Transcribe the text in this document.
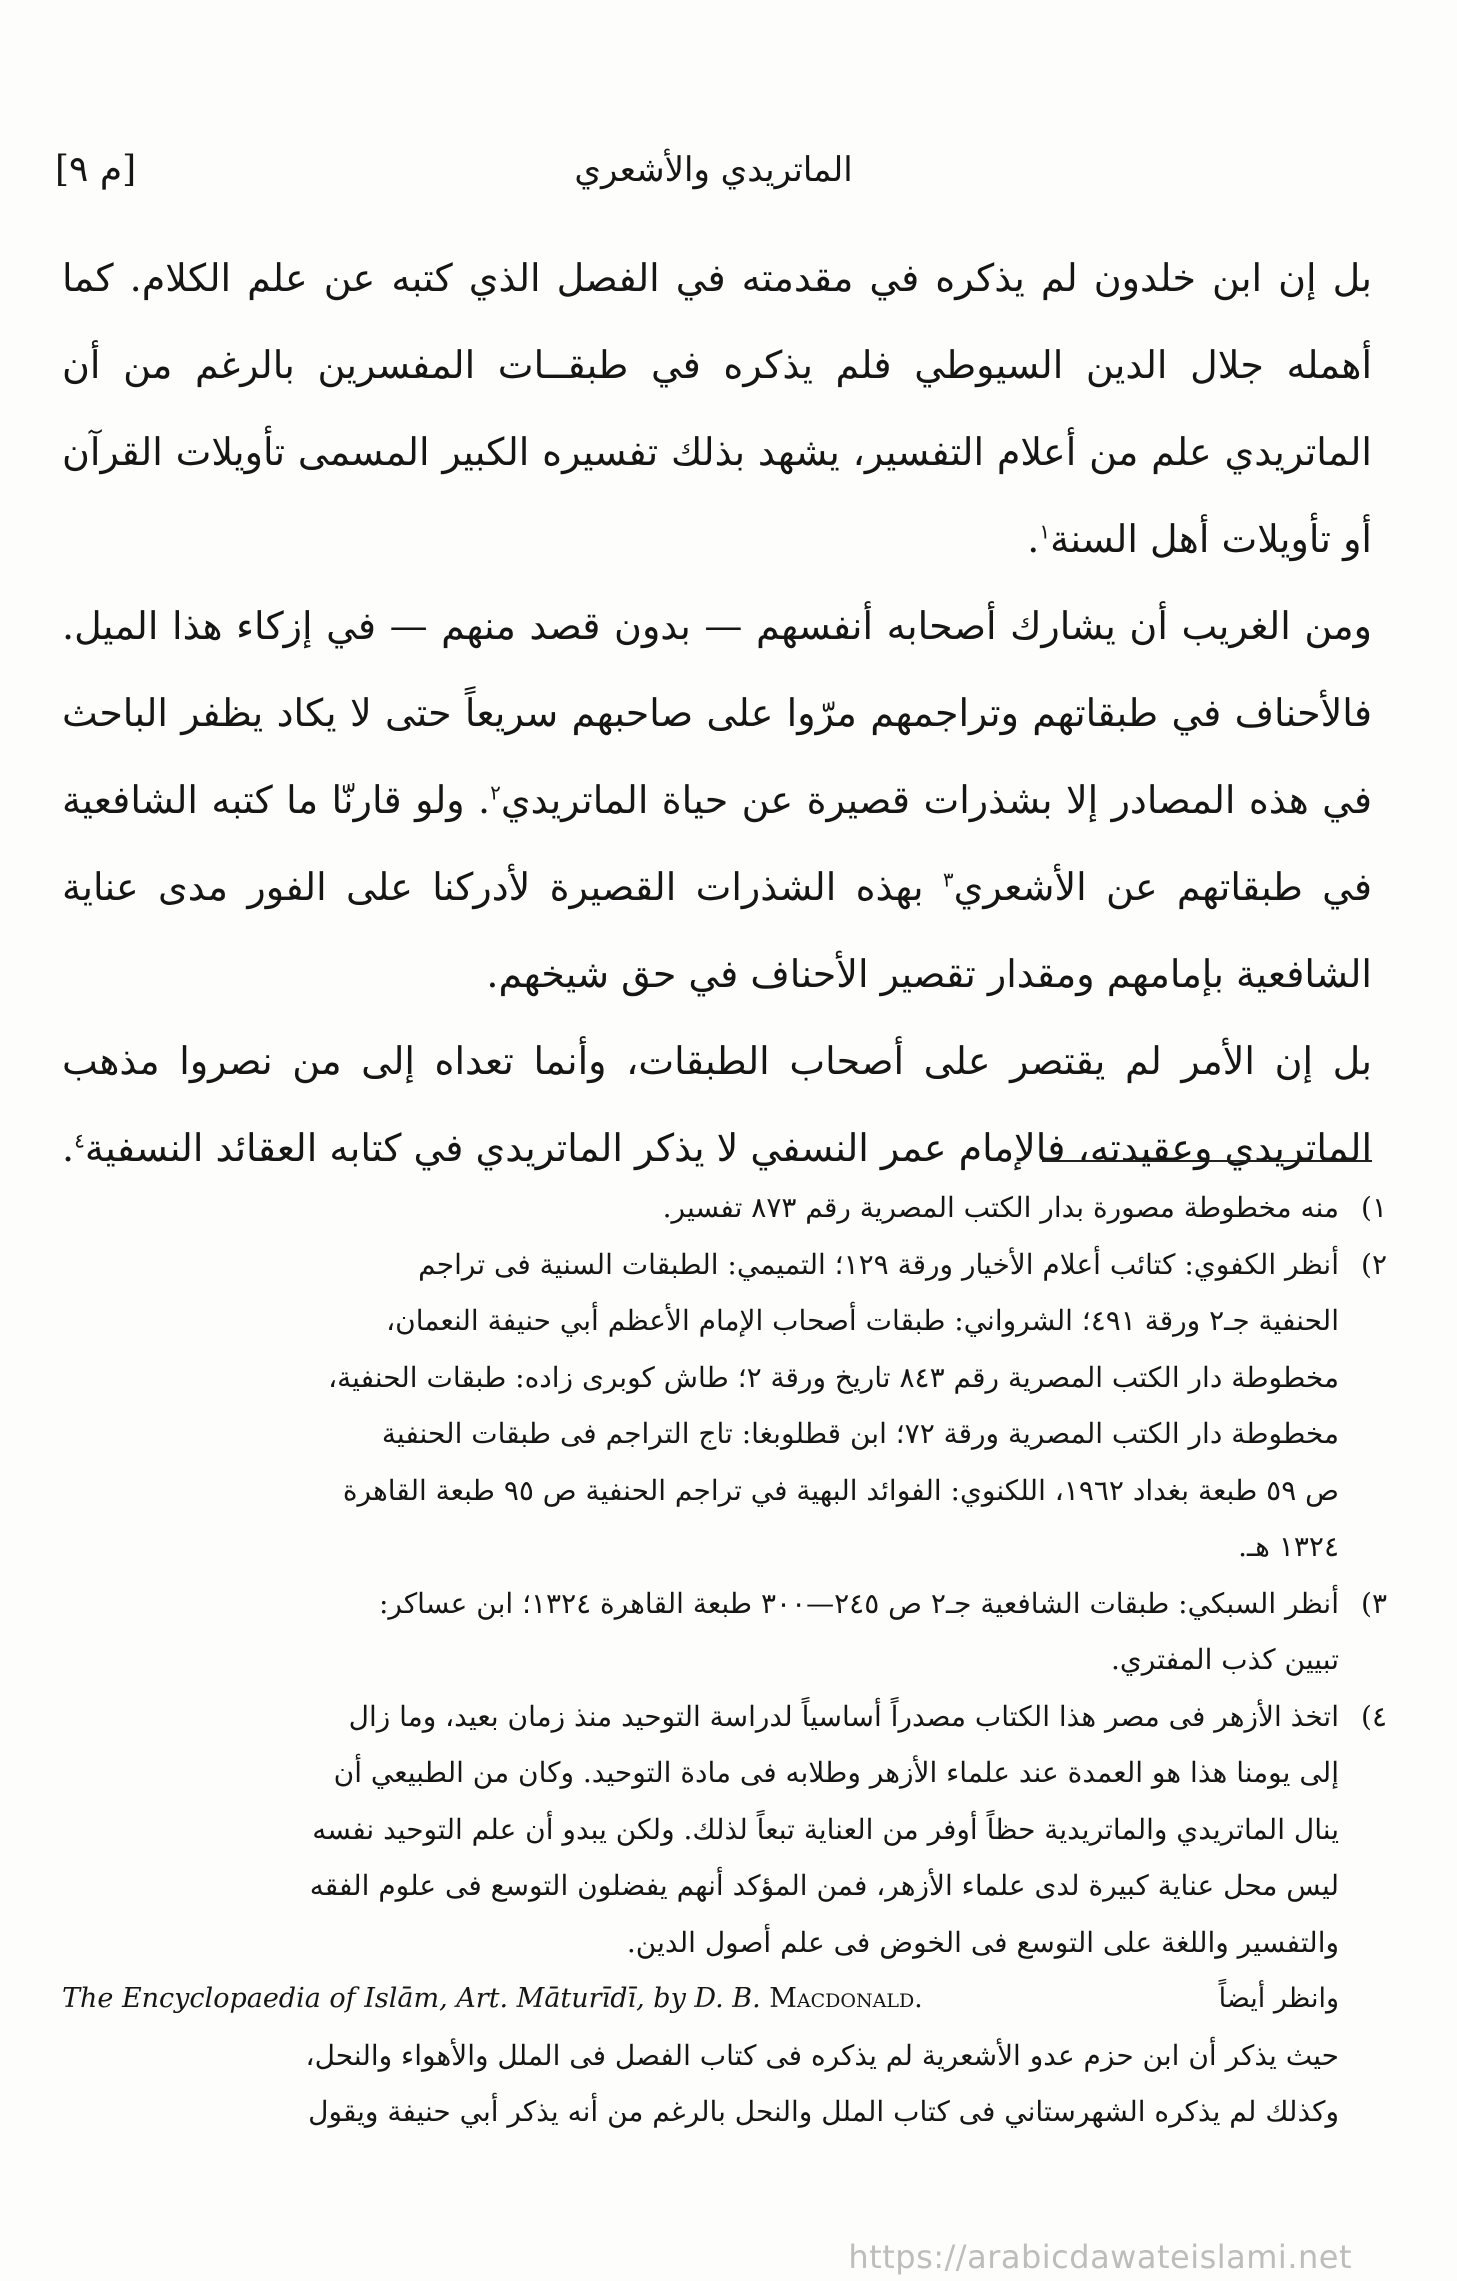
الماتريدي والأشعري
[م ٩]

بل إن ابن خلدون لم يذكره في مقدمته في الفصل الذي كتبه عن علم الكلام. كما أهمله جلال الدين السيوطي فلم يذكره في طبقــات المفسرين بالرغم من أن الماتريدي علم من أعلام التفسير، يشهد بذلك تفسيره الكبير المسمى تأويلات القرآن أو تأويلات أهل السنة$^١$.

ومن الغريب أن يشارك أصحابه أنفسهم — بدون قصد منهم — في إزكاء هذا الميل. فالأحناف في طبقاتهم وتراجمهم مرّوا على صاحبهم سريعاً حتى لا يكاد يظفر الباحث في هذه المصادر إلا بشذرات قصيرة عن حياة الماتريدي$^٢$. ولو قارنّا ما كتبه الشافعية في طبقاتهم عن الأشعري$^٣$ بهذه الشذرات القصيرة لأدركنا على الفور مدى عناية الشافعية بإمامهم ومقدار تقصير الأحناف في حق شيخهم.

بل إن الأمر لم يقتصر على أصحاب الطبقات، وأنما تعداه إلى من نصروا مذهب الماتريدي وعقيدته، فالإمام عمر النسفي لا يذكر الماتريدي في كتابه العقائد النسفية$^٤$.

١)
منه مخطوطة مصورة بدار الكتب المصرية رقم ٨٧٣ تفسير.
٢)
أنظر الكفوي: كتائب أعلام الأخيار ورقة ١٢٩؛ التميمي: الطبقات السنية فى تراجم
الحنفية جـ٢ ورقة ٤٩١؛ الشرواني: طبقات أصحاب الإمام الأعظم أبي حنيفة النعمان،
مخطوطة دار الكتب المصرية رقم ٨٤٣ تاريخ ورقة ٢؛ طاش كوبرى زاده: طبقات الحنفية،
مخطوطة دار الكتب المصرية ورقة ٧٢؛ ابن قطلوبغا: تاج التراجم فى طبقات الحنفية
ص ٥٩ طبعة بغداد ١٩٦٢، اللكنوي: الفوائد البهية في تراجم الحنفية ص ٩٥ طبعة القاهرة
١٣٢٤ هـ.
٣)
أنظر السبكي: طبقات الشافعية جـ٢ ص ٢٤٥—٣٠٠ طبعة القاهرة ١٣٢٤؛ ابن عساكر:
تبيين كذب المفتري.
٤)
اتخذ الأزهر فى مصر هذا الكتاب مصدراً أساسياً لدراسة التوحيد منذ زمان بعيد، وما زال
إلى يومنا هذا هو العمدة عند علماء الأزهر وطلابه فى مادة التوحيد. وكان من الطبيعي أن
ينال الماتريدي والماتريدية حظاً أوفر من العناية تبعاً لذلك. ولكن يبدو أن علم التوحيد نفسه
ليس محل عناية كبيرة لدى علماء الأزهر، فمن المؤكد أنهم يفضلون التوسع فى علوم الفقه
والتفسير واللغة على التوسع فى الخوض فى علم أصول الدين.
The Encyclopaedia of Islām, Art. Māturīdī, by D. B. Macdonald.	وانظر أيضاً
حيث يذكر أن ابن حزم عدو الأشعرية لم يذكره فى كتاب الفصل فى الملل والأهواء والنحل،
وكذلك لم يذكره الشهرستاني فى كتاب الملل والنحل بالرغم من أنه يذكر أبي حنيفة ويقول
https://arabicdawateislami.net
